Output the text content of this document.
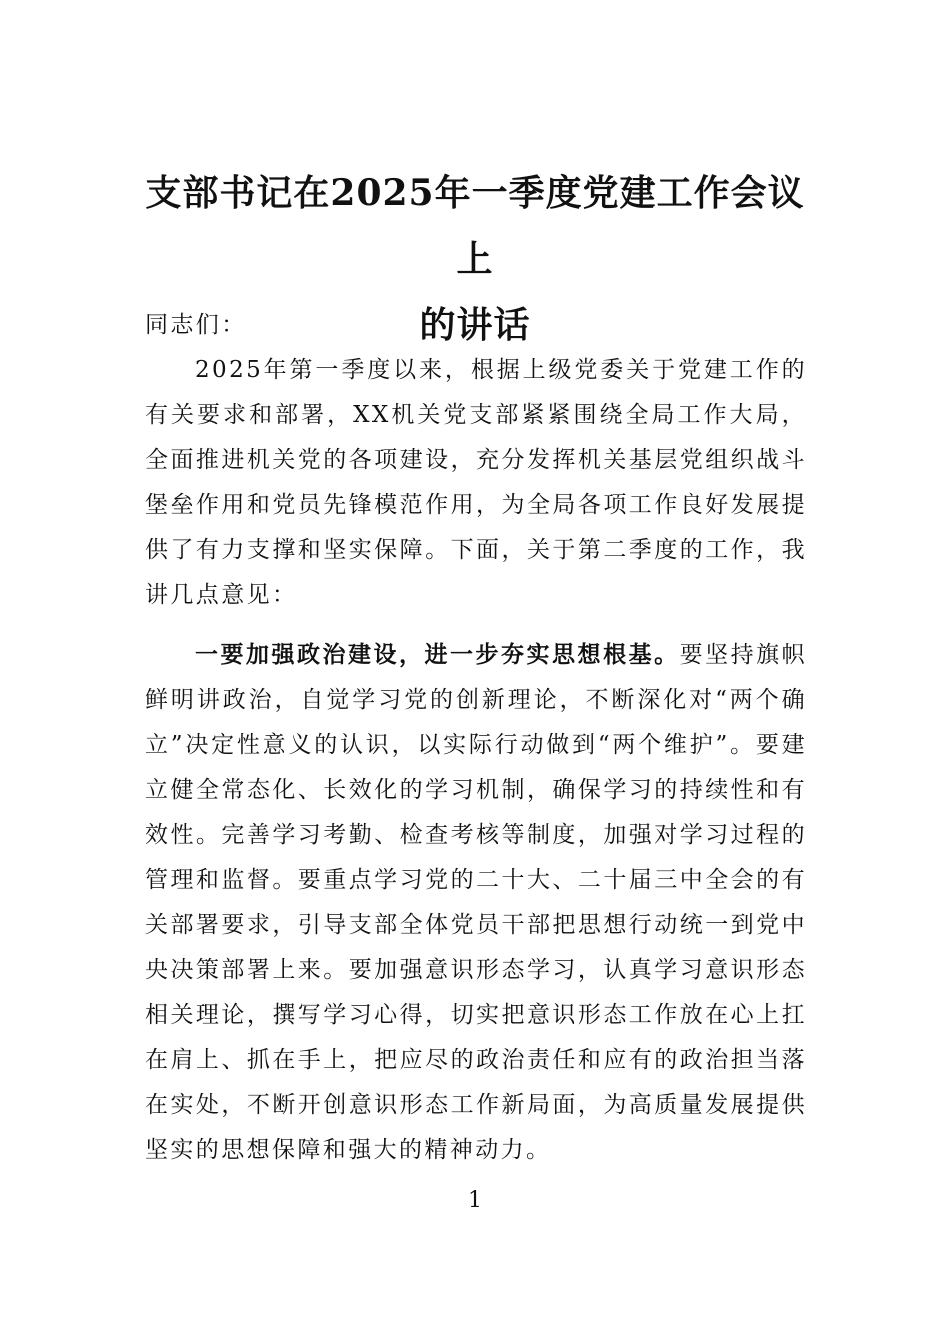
支部书记在2025年一季度党建工作会议上
的讲话

同志们：

2025年第一季度以来，根据上级党委关于党建工作的有关要求和部署，XX机关党支部紧紧围绕全局工作大局，全面推进机关党的各项建设，充分发挥机关基层党组织战斗堡垒作用和党员先锋模范作用，为全局各项工作良好发展提供了有力支撑和坚实保障。下面，关于第二季度的工作，我讲几点意见：

一要加强政治建设，进一步夯实思想根基。要坚持旗帜鲜明讲政治，自觉学习党的创新理论，不断深化对“两个确立”决定性意义的认识，以实际行动做到“两个维护”。要建立健全常态化、长效化的学习机制，确保学习的持续性和有效性。完善学习考勤、检查考核等制度，加强对学习过程的管理和监督。要重点学习党的二十大、二十届三中全会的有关部署要求，引导支部全体党员干部把思想行动统一到党中央决策部署上来。要加强意识形态学习，认真学习意识形态相关理论，撰写学习心得，切实把意识形态工作放在心上扛在肩上、抓在手上，把应尽的政治责任和应有的政治担当落在实处，不断开创意识形态工作新局面，为高质量发展提供坚实的思想保障和强大的精神动力。

1
